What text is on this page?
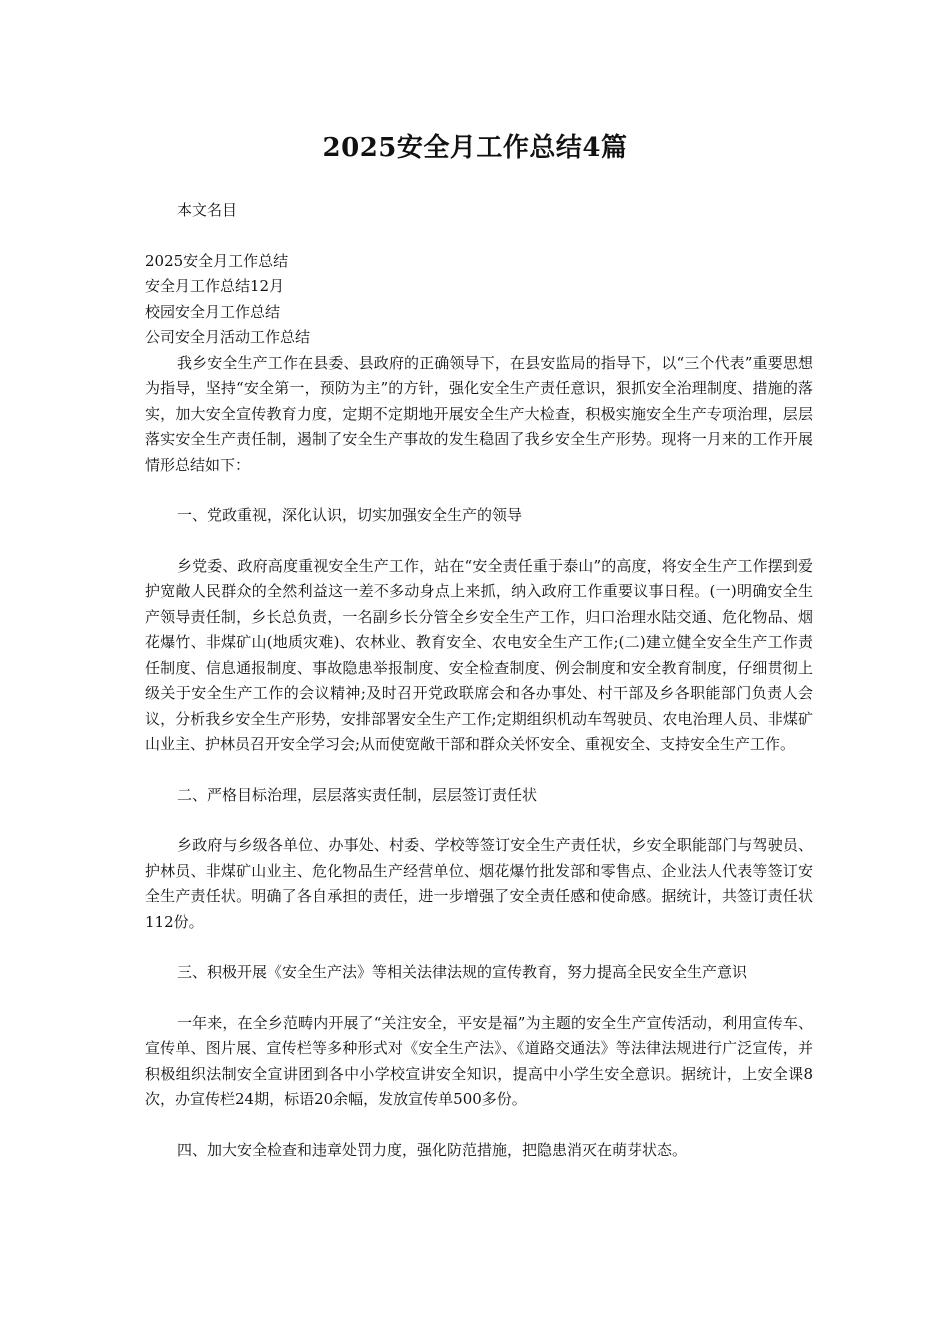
2025安全月工作总结4篇
本文名目
2025安全月工作总结
安全月工作总结12月
校园安全月工作总结
公司安全月活动工作总结

我乡安全生产工作在县委、县政府的正确领导下，在县安监局的指导下，以“三个代表”重要思想为指导，坚持“安全第一，预防为主”的方针，强化安全生产责任意识，狠抓安全治理制度、措施的落实，加大安全宣传教育力度，定期不定期地开展安全生产大检查，积极实施安全生产专项治理，层层落实安全生产责任制，遏制了安全生产事故的发生稳固了我乡安全生产形势。现将一月来的工作开展情形总结如下：

一、党政重视，深化认识，切实加强安全生产的领导

乡党委、政府高度重视安全生产工作，站在“安全责任重于泰山”的高度，将安全生产工作摆到爱护宽敞人民群众的全然利益这一差不多动身点上来抓，纳入政府工作重要议事日程。(一)明确安全生产领导责任制，乡长总负责，一名副乡长分管全乡安全生产工作，归口治理水陆交通、危化物品、烟花爆竹、非煤矿山(地质灾难)、农林业、教育安全、农电安全生产工作;(二)建立健全安全生产工作责任制度、信息通报制度、事故隐患举报制度、安全检查制度、例会制度和安全教育制度，仔细贯彻上级关于安全生产工作的会议精神;及时召开党政联席会和各办事处、村干部及乡各职能部门负责人会议，分析我乡安全生产形势，安排部署安全生产工作;定期组织机动车驾驶员、农电治理人员、非煤矿山业主、护林员召开安全学习会;从而使宽敞干部和群众关怀安全、重视安全、支持安全生产工作。

二、严格目标治理，层层落实责任制，层层签订责任状

乡政府与乡级各单位、办事处、村委、学校等签订安全生产责任状，乡安全职能部门与驾驶员、护林员、非煤矿山业主、危化物品生产经营单位、烟花爆竹批发部和零售点、企业法人代表等签订安全生产责任状。明确了各自承担的责任，进一步增强了安全责任感和使命感。据统计，共签订责任状112份。

三、积极开展《安全生产法》等相关法律法规的宣传教育，努力提高全民安全生产意识

一年来，在全乡范畴内开展了“关注安全，平安是福”为主题的安全生产宣传活动，利用宣传车、宣传单、图片展、宣传栏等多种形式对《安全生产法》、《道路交通法》等法律法规进行广泛宣传，并积极组织法制安全宣讲团到各中小学校宣讲安全知识，提高中小学生安全意识。据统计，上安全课8次，办宣传栏24期，标语20余幅，发放宣传单500多份。

四、加大安全检查和违章处罚力度，强化防范措施，把隐患消灭在萌芽状态。
